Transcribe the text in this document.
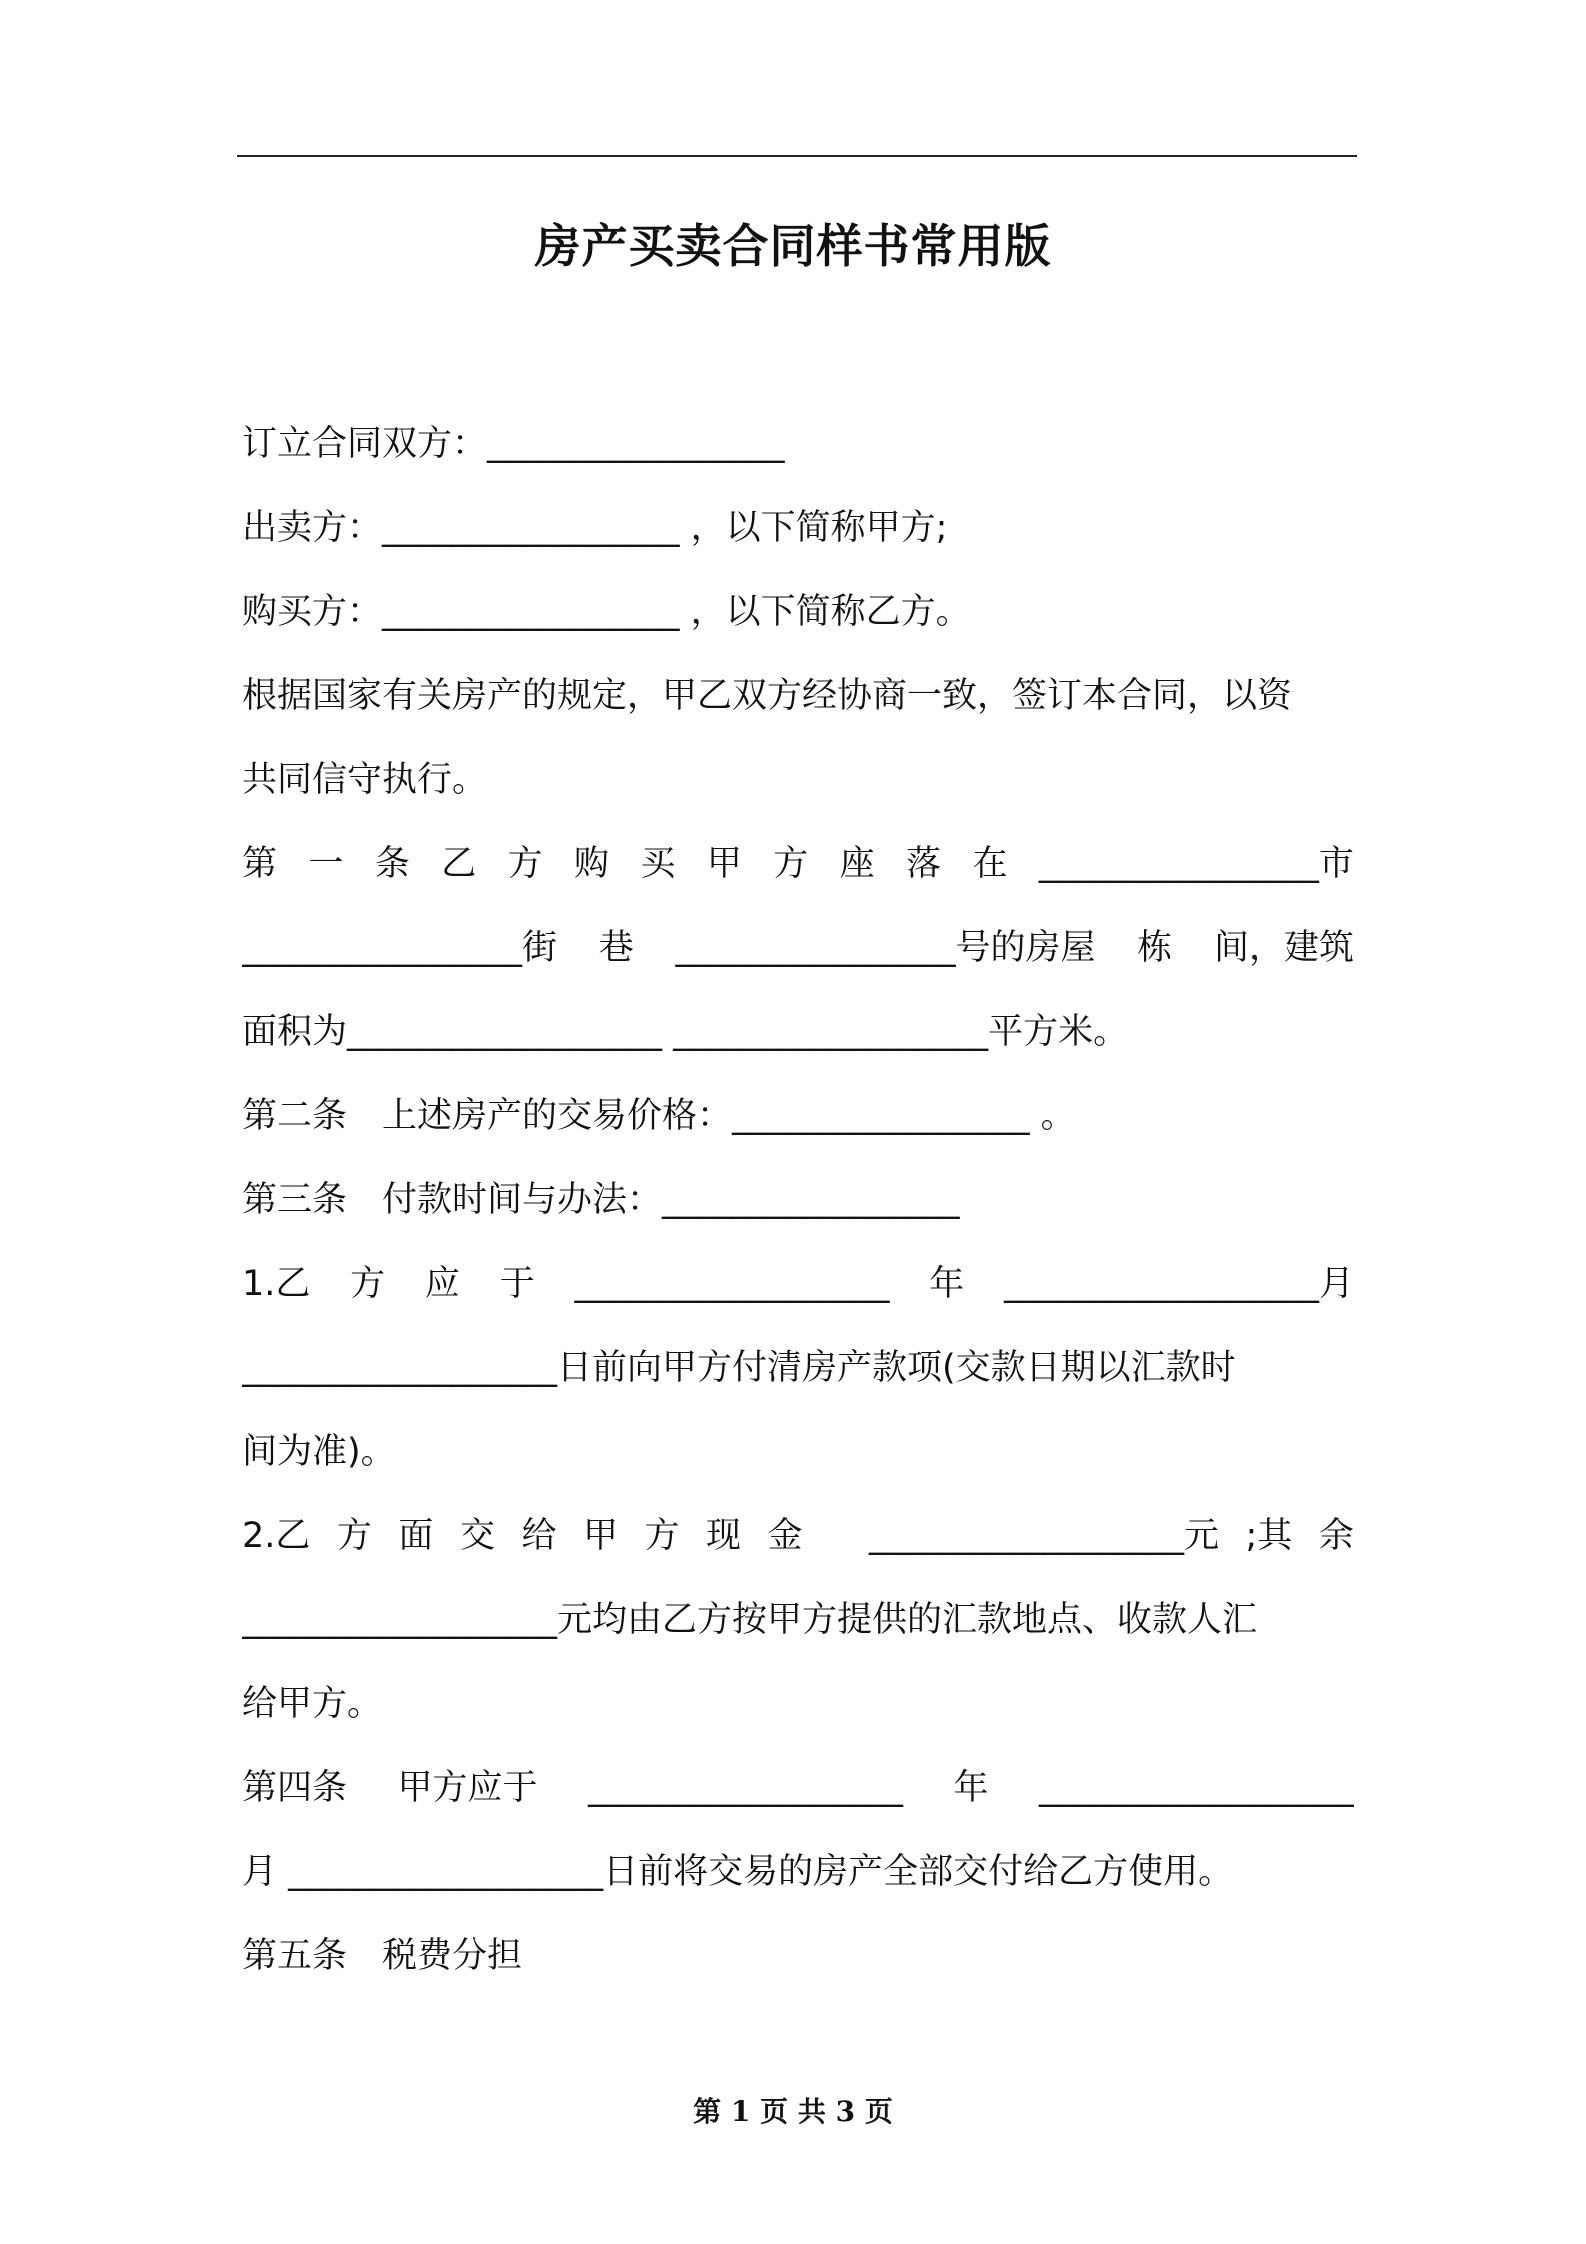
房产买卖合同样书常用版
订立合同双方：_________________
出卖方：_________________ ，以下简称甲方;
购买方：_________________ ，以下简称乙方。
根据国家有关房产的规定，甲乙双方经协商一致，签订本合同，以资
共同信守执行。
第 一 条 乙 方 购 买 甲 方 座 落 在 ________________市
________________街 巷 ________________号的房屋 栋 间，建筑
面积为__________________ __________________平方米。
第二条　上述房产的交易价格：_________________ 。
第三条　付款时间与办法：_________________
1.乙 方 应 于 __________________ 年 __________________月
__________________日前向甲方付清房产款项(交款日期以汇款时
间为准)。
2.乙 方 面 交 给 甲 方 现 金	__________________元 ;其 余
__________________元均由乙方按甲方提供的汇款地点、收款人汇
给甲方。
第四条 甲方应于 __________________ 年 __________________
月 __________________日前将交易的房产全部交付给乙方使用。
第五条　税费分担
第 1 页 共 3 页
